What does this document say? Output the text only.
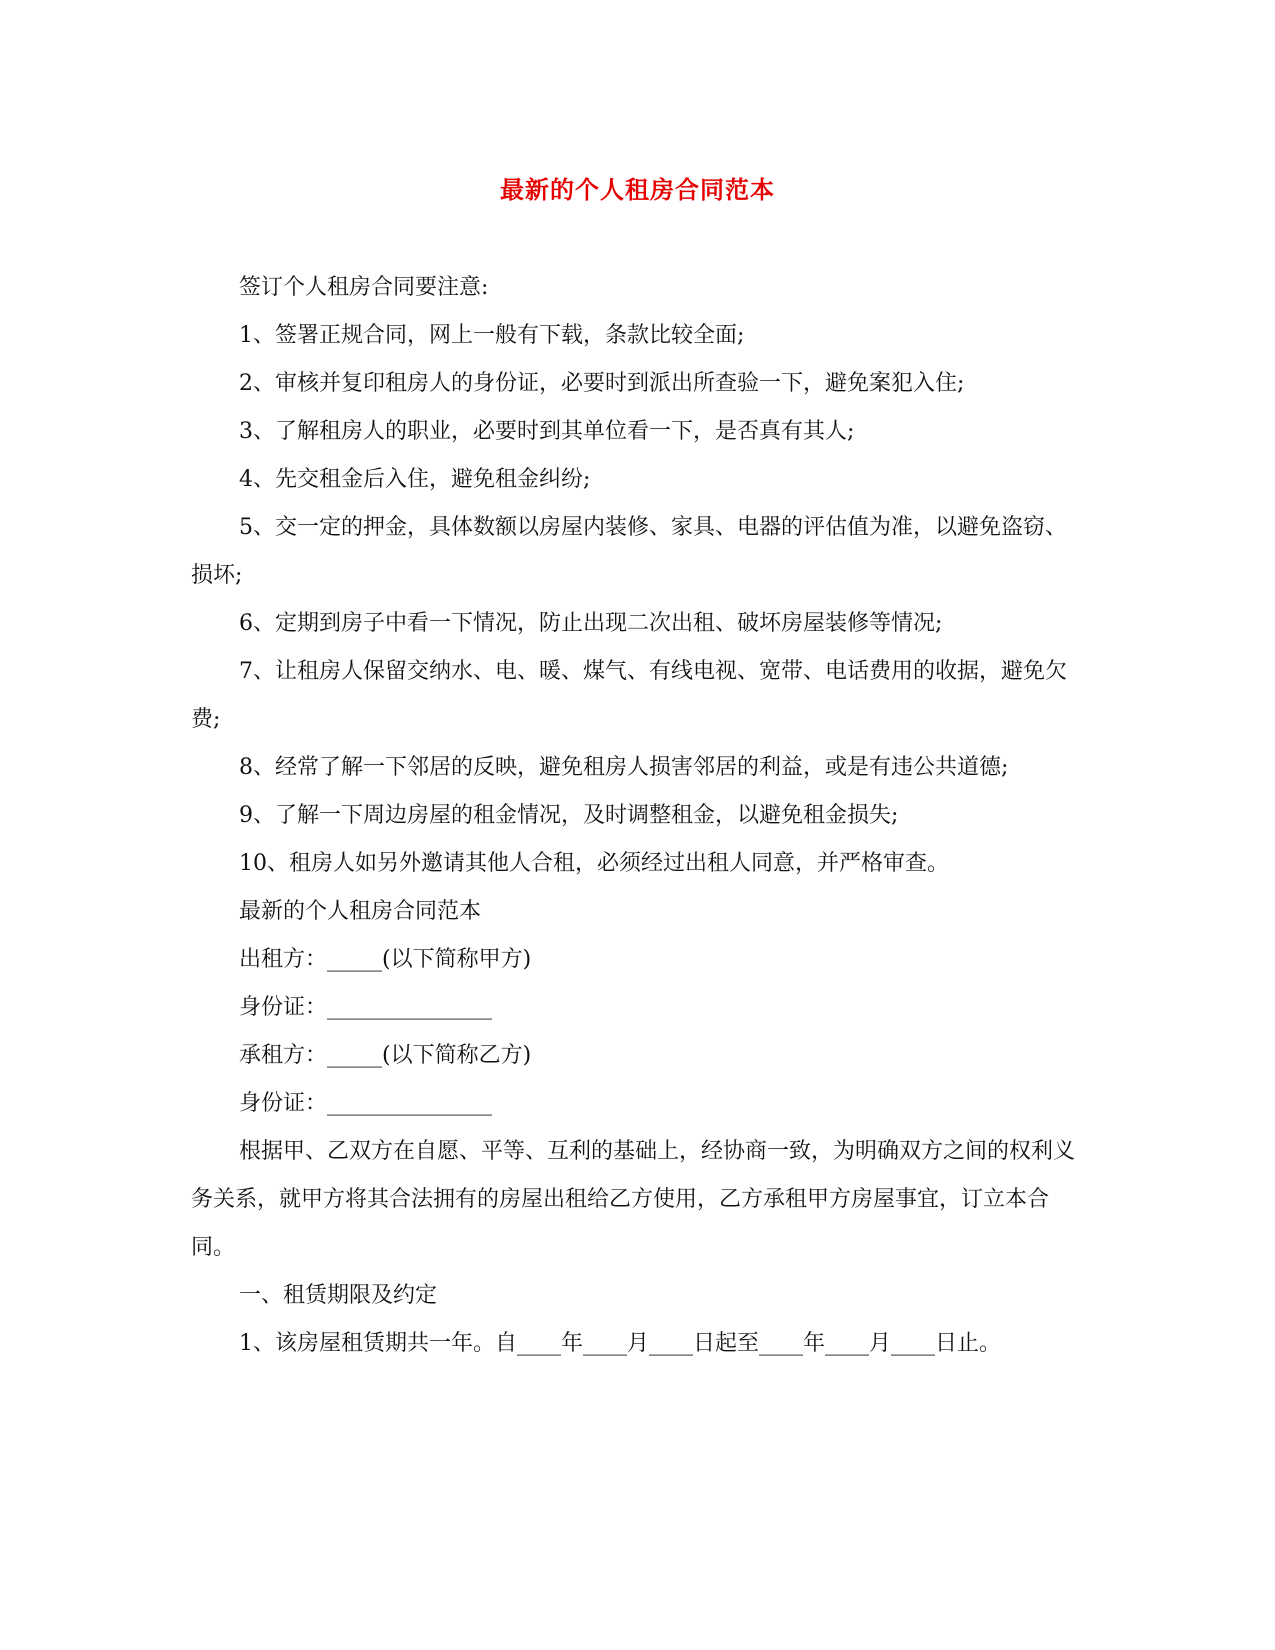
最新的个人租房合同范本

签订个人租房合同要注意:

1、签署正规合同，网上一般有下载，条款比较全面;

2、审核并复印租房人的身份证，必要时到派出所查验一下，避免案犯入住;

3、了解租房人的职业，必要时到其单位看一下，是否真有其人;

4、先交租金后入住，避免租金纠纷;

5、交一定的押金，具体数额以房屋内装修、家具、电器的评估值为准，以避免盗窃、损坏;

6、定期到房子中看一下情况，防止出现二次出租、破坏房屋装修等情况;

7、让租房人保留交纳水、电、暖、煤气、有线电视、宽带、电话费用的收据，避免欠费;

8、经常了解一下邻居的反映，避免租房人损害邻居的利益，或是有违公共道德;

9、了解一下周边房屋的租金情况，及时调整租金，以避免租金损失;

10、租房人如另外邀请其他人合租，必须经过出租人同意，并严格审查。

最新的个人租房合同范本

出租方：_____(以下简称甲方)

身份证：_______________

承租方：_____(以下简称乙方)

身份证：_______________

根据甲、乙双方在自愿、平等、互利的基础上，经协商一致，为明确双方之间的权利义务关系，就甲方将其合法拥有的房屋出租给乙方使用，乙方承租甲方房屋事宜，订立本合同。

一、租赁期限及约定

1、该房屋租赁期共一年。自____年____月____日起至____年____月____日止。
